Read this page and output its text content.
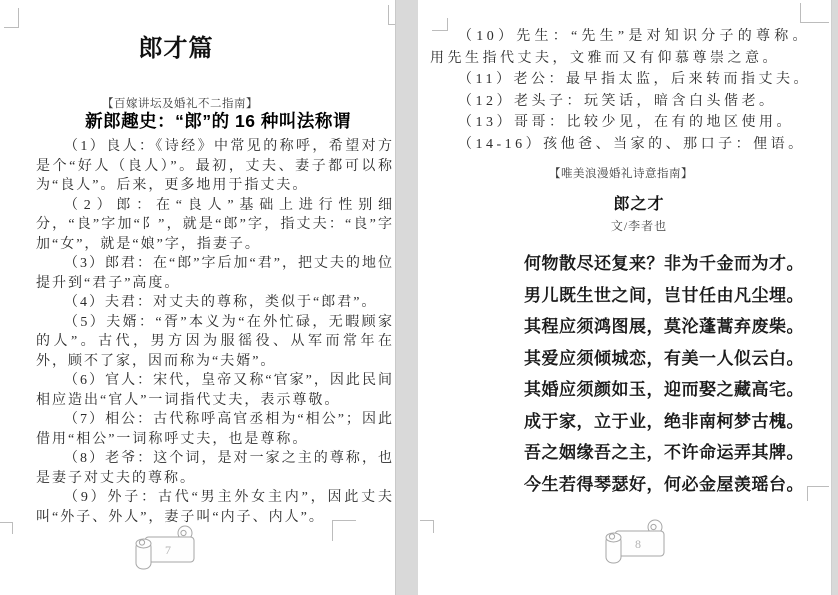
郎才篇
【百嫁讲坛及婚礼不二指南】
新郎趣史：“郎”的 16 种叫法称谓

（1）良人：《诗经》中常见的称呼，希望对方是个“好人（良人）”。最初，丈夫、妻子都可以称为“良人”。后来，更多地用于指丈夫。

（2）郎：在“良人”基础上进行性别细分，“良”字加“阝”，就是“郎”字，指丈夫：“良”字加“女”，就是“娘”字，指妻子。

（3）郎君：在“郎”字后加“君”，把丈夫的地位提升到“君子”高度。

（4）夫君：对丈夫的尊称，类似于“郎君”。

（5）夫婿：“胥”本义为“在外忙碌，无暇顾家的人”。古代，男方因为服徭役、从军而常年在外，顾不了家，因而称为“夫婿”。

（6）官人：宋代，皇帝又称“官家”，因此民间相应造出“官人”一词指代丈夫，表示尊敬。

（7）相公：古代称呼高官丞相为“相公”；因此借用“相公”一词称呼丈夫，也是尊称。

（8）老爷：这个词，是对一家之主的尊称，也是妻子对丈夫的尊称。

（9）外子：古代“男主外女主内”，因此丈夫叫“外子、外人”，妻子叫“内子、内人”。

7

（10）先生：“先生”是对知识分子的尊称。用先生指代丈夫，文雅而又有仰慕尊崇之意。

（11）老公：最早指太监，后来转而指丈夫。

（12）老头子：玩笑话，暗含白头偕老。

（13）哥哥：比较少见，在有的地区使用。

（14-16）孩他爸、当家的、那口子：俚语。

【唯美浪漫婚礼诗意指南】
郎之才
文/李者也
何物散尽还复来？非为千金而为才。
男儿既生世之间，岂甘任由凡尘埋。
其程应须鸿图展，莫沦蓬蒿弃废柴。
其爱应须倾城恋，有美一人似云白。
其婚应须颜如玉，迎而娶之藏高宅。
成于家，立于业，绝非南柯梦古槐。
吾之姻缘吾之主，不许命运弄其牌。
今生若得琴瑟好，何必金屋羡瑶台。
8
